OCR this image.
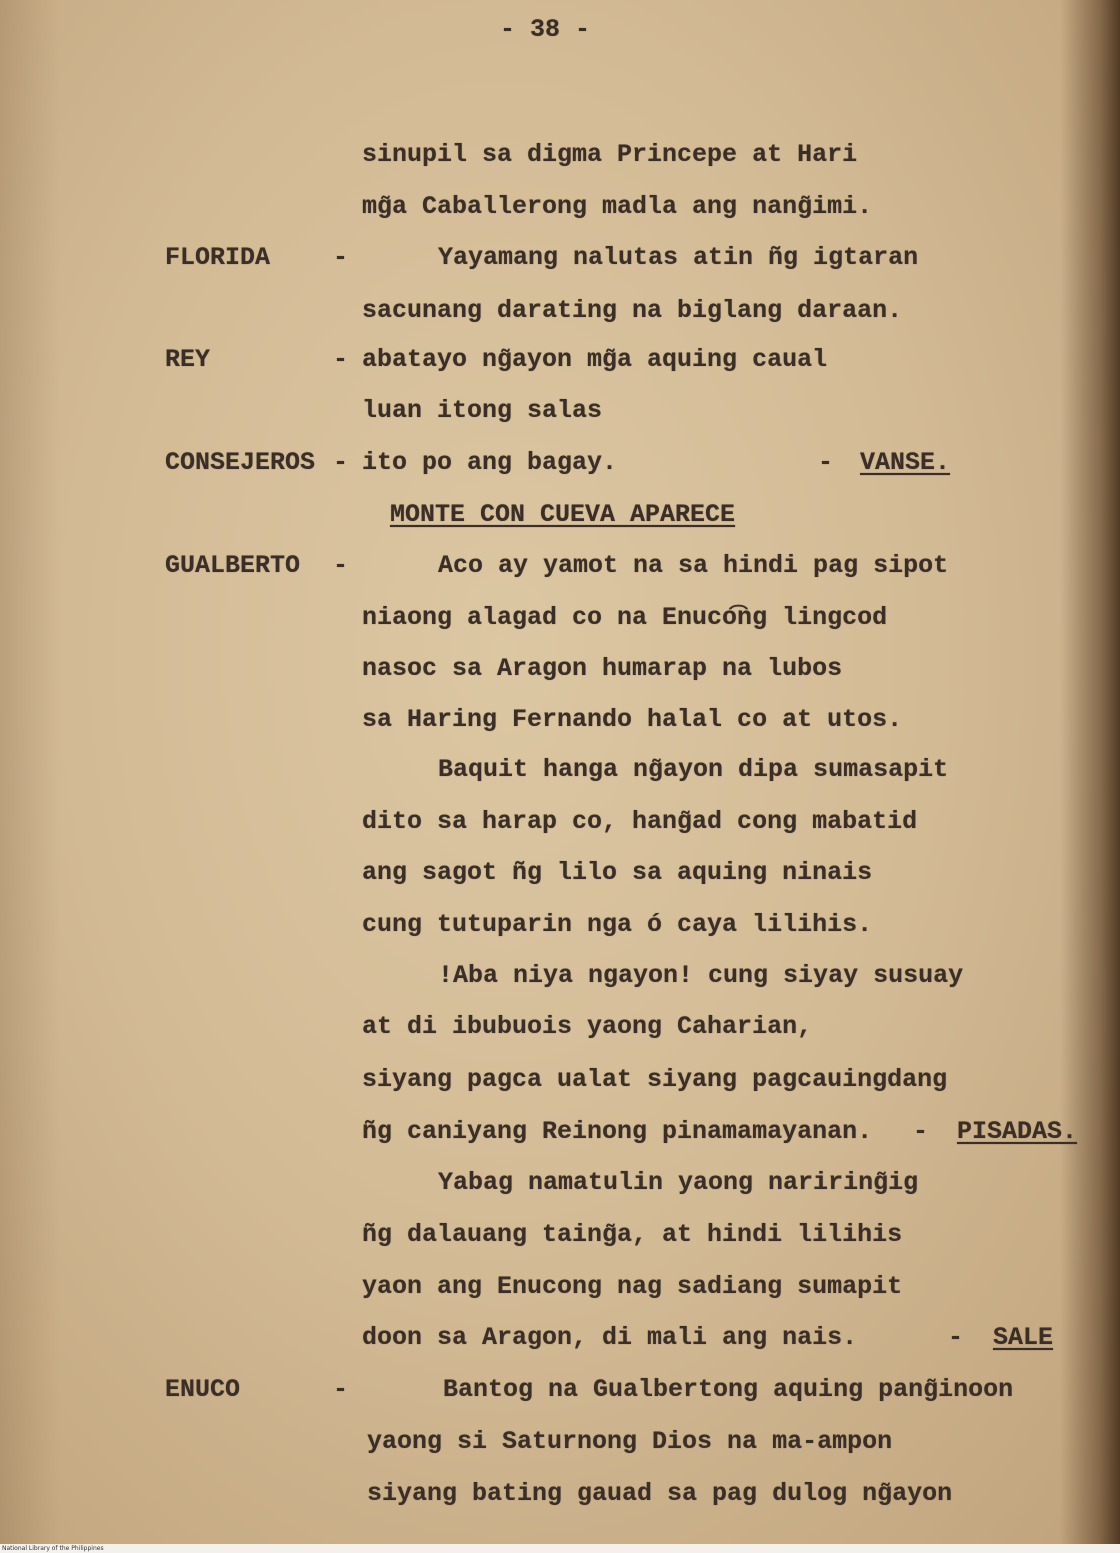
- 38 -
sinupil sa digma Princepe at Hari
mg̃a Caballerong madla ang nang̃imi.
FLORIDA	-	Yayamang nalutas atin ñg igtaran
sacunang darating na biglang daraan.
REY	- abatayo ng̃ayon mg̃a aquing caual
luan itong salas
CONSEJEROS - ito po ang bagay.	- VANSE.
MONTE CON CUEVA APARECE
GUALBERTO -	Aco ay yamot na sa hindi pag sipot
niaong alagad co na Enuco͡ng lingcod
nasoc sa Aragon humarap na lubos
sa Haring Fernando halal co at utos.
Baquit hanga ng̃ayon dipa sumasapit
dito sa harap co, hang̃ad cong mabatid
ang sagot ñg lilo sa aquing ninais
cung tutuparin nga ó caya lilihis.
!Aba niya ngayon! cung siyay susuay
at di ibubuois yaong Caharian,
siyang pagca ualat siyang pagcauingdang
ñg caniyang Reinong pinamamayanan. - PISADAS.
Yabag namatulin yaong nariring̃ig
ñg dalauang taing̃a, at hindi lilihis
yaon ang Enucong nag sadiang sumapit
doon sa Aragon, di mali ang nais.	- SALE
ENUCO	-	Bantog na Gualbertong aquing pang̃inoon
yaong si Saturnong Dios na ma-ampon
siyang bating gauad sa pag dulog ng̃ayon
National Library of the Philippines
